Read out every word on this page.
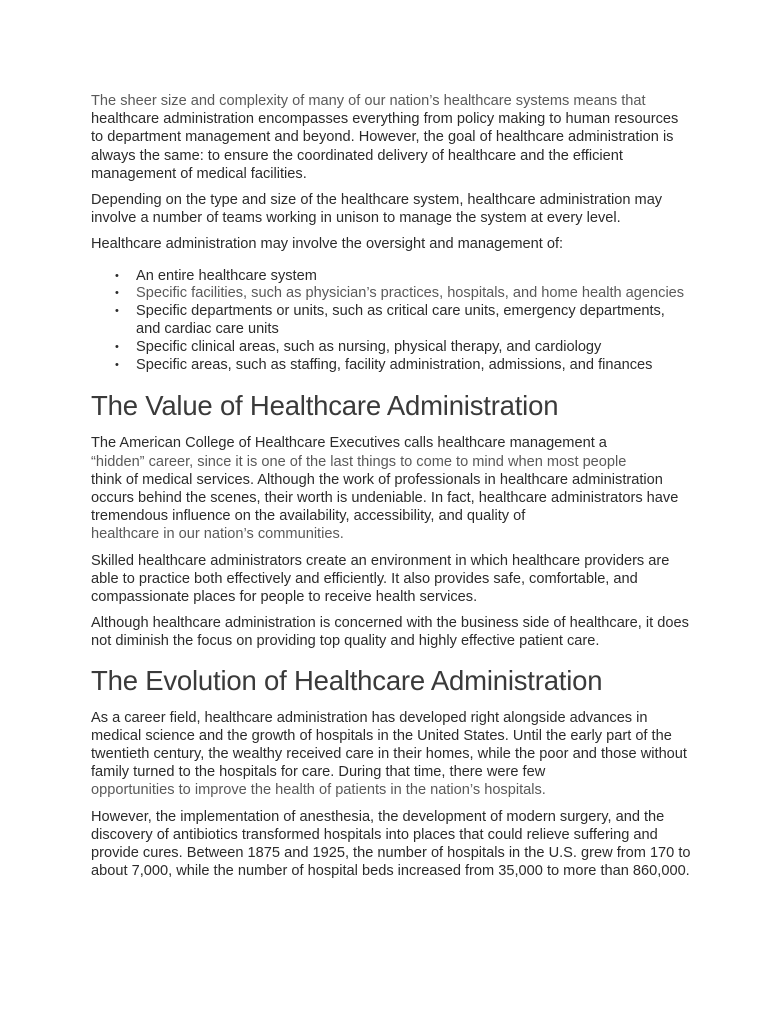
The sheer size and complexity of many of our nation’s healthcare systems means that
healthcare administration encompasses everything from policy making to human resources to department management and beyond. However, the goal of healthcare administration is always the same: to ensure the coordinated delivery of healthcare and the efficient management of medical facilities.

Depending on the type and size of the healthcare system, healthcare administration may involve a number of teams working in unison to manage the system at every level.

Healthcare administration may involve the oversight and management of:

• An entire healthcare system
• Specific facilities, such as physician’s practices, hospitals, and home health agencies
• Specific departments or units, such as critical care units, emergency departments, and cardiac care units
• Specific clinical areas, such as nursing, physical therapy, and cardiology
• Specific areas, such as staffing, facility administration, admissions, and finances
The Value of Healthcare Administration

The American College of Healthcare Executives calls healthcare management a
“hidden” career, since it is one of the last things to come to mind when most people
think of medical services. Although the work of professionals in healthcare administration occurs behind the scenes, their worth is undeniable. In fact, healthcare administrators have tremendous influence on the availability, accessibility, and quality of
healthcare in our nation’s communities.

Skilled healthcare administrators create an environment in which healthcare providers are able to practice both effectively and efficiently. It also provides safe, comfortable, and compassionate places for people to receive health services.

Although healthcare administration is concerned with the business side of healthcare, it does not diminish the focus on providing top quality and highly effective patient care.

The Evolution of Healthcare Administration

As a career field, healthcare administration has developed right alongside advances in medical science and the growth of hospitals in the United States. Until the early part of the twentieth century, the wealthy received care in their homes, while the poor and those without family turned to the hospitals for care. During that time, there were few
opportunities to improve the health of patients in the nation’s hospitals.

However, the implementation of anesthesia, the development of modern surgery, and the discovery of antibiotics transformed hospitals into places that could relieve suffering and provide cures. Between 1875 and 1925, the number of hospitals in the U.S. grew from 170 to about 7,000, while the number of hospital beds increased from 35,000 to more than 860,000.
